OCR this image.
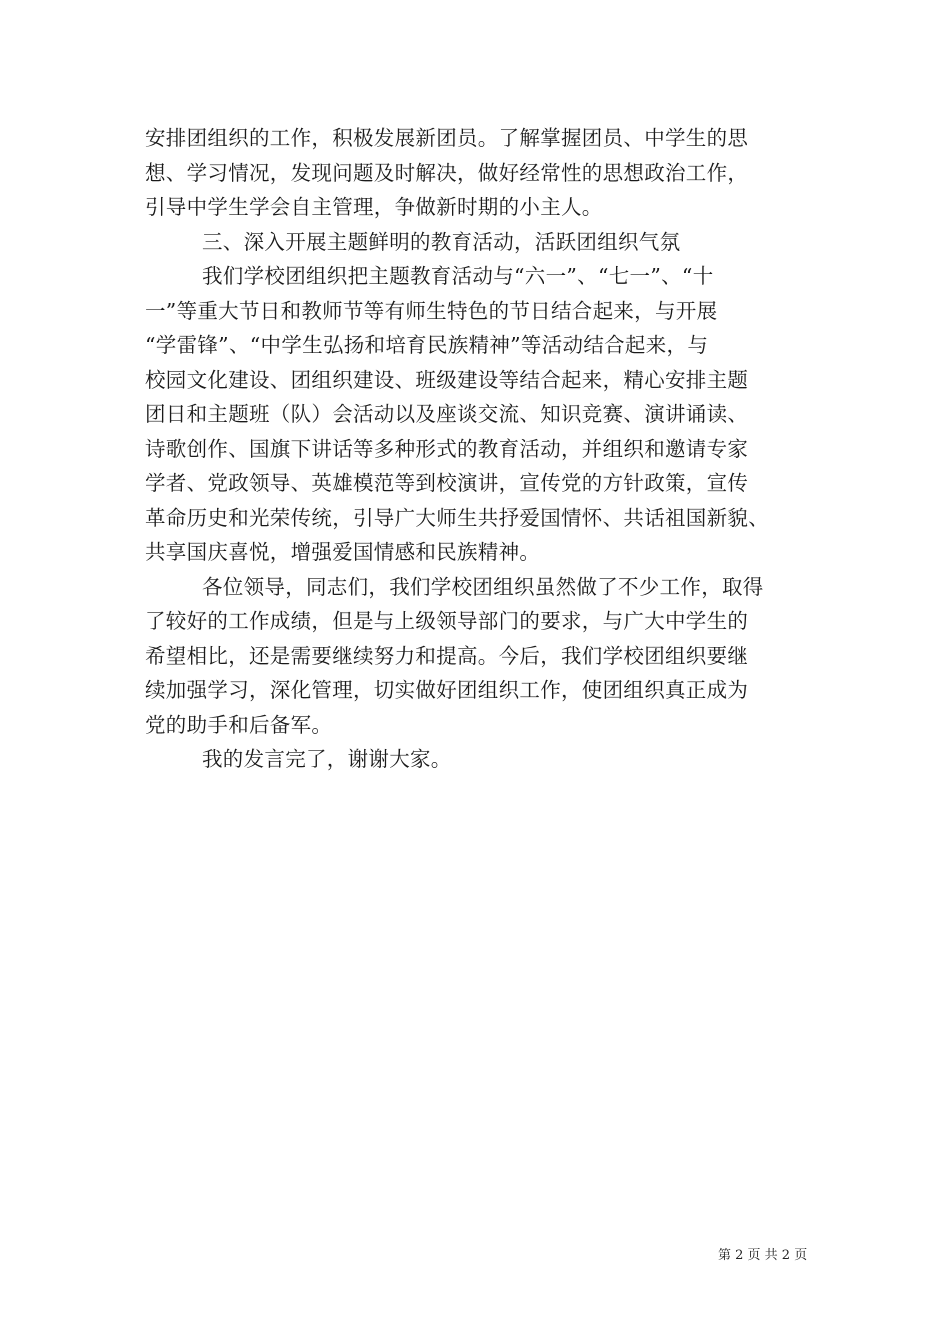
安排团组织的工作，积极发展新团员。了解掌握团员、中学生的思
想、学习情况，发现问题及时解决，做好经常性的思想政治工作，
引导中学生学会自主管理，争做新时期的小主人。
三、深入开展主题鲜明的教育活动，活跃团组织气氛
我们学校团组织把主题教育活动与“六一”、“七一”、“十
一”等重大节日和教师节等有师生特色的节日结合起来，与开展
“学雷锋”、“中学生弘扬和培育民族精神”等活动结合起来，与
校园文化建设、团组织建设、班级建设等结合起来，精心安排主题
团日和主题班（队）会活动以及座谈交流、知识竞赛、演讲诵读、
诗歌创作、国旗下讲话等多种形式的教育活动，并组织和邀请专家
学者、党政领导、英雄模范等到校演讲，宣传党的方针政策，宣传
革命历史和光荣传统，引导广大师生共抒爱国情怀、共话祖国新貌、
共享国庆喜悦，增强爱国情感和民族精神。
各位领导，同志们，我们学校团组织虽然做了不少工作，取得
了较好的工作成绩，但是与上级领导部门的要求，与广大中学生的
希望相比，还是需要继续努力和提高。今后，我们学校团组织要继
续加强学习，深化管理，切实做好团组织工作，使团组织真正成为
党的助手和后备军。
我的发言完了，谢谢大家。
第 2 页 共 2 页
